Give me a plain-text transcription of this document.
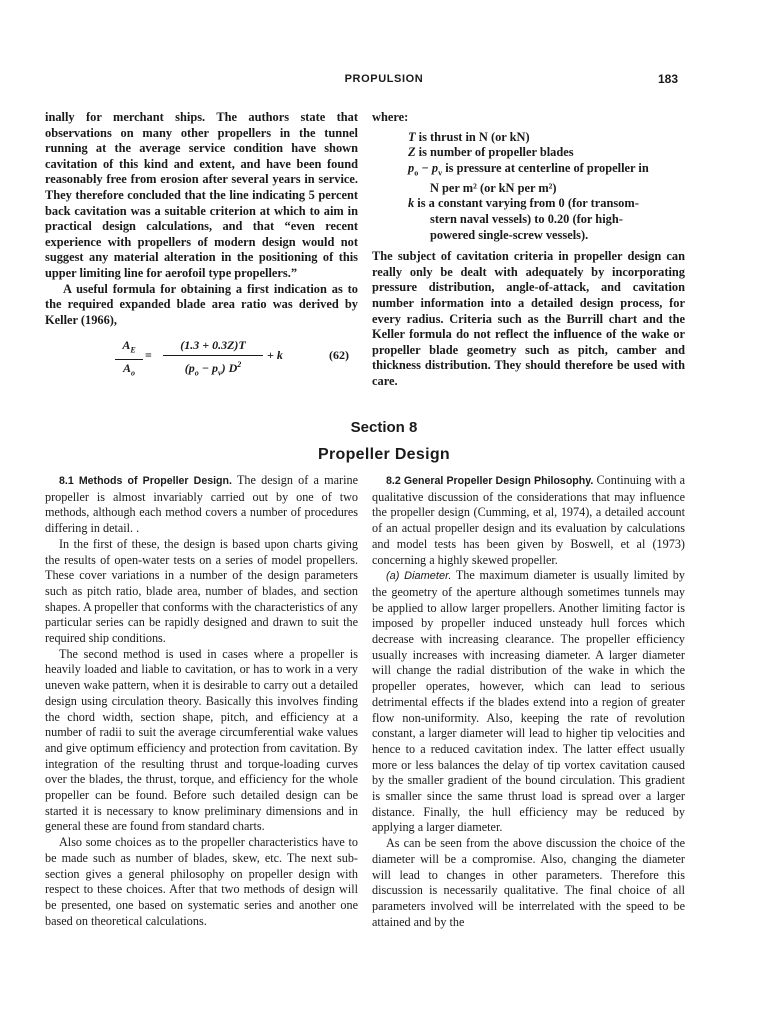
PROPULSION	183

inally for merchant ships. The authors state that observations on many other propellers in the tunnel running at the average service condition have shown cavitation of this kind and extent, and have been found reasonably free from erosion after several years in service. They therefore concluded that the line indicating 5 percent back cavitation was a suitable criterion at which to aim in practical design calculations, and that “even recent experience with propellers of modern design would not suggest any material alteration in the positioning of this upper limiting line for aerofoil type propellers.”

A useful formula for obtaining a first indication as to the required expanded blade area ratio was derived by Keller (1966),

$A_E$
$A_o$
=
(1.3 + 0.3Z)T
$(p_o - p_v)$ $D^2$
+ k	(62)

where:

T is thrust in N (or kN)
Z is number of propeller blades
$p_o - p_v$ is pressure at centerline of propeller in
N per m² (or kN per m²)
k is a constant varying from 0 (for transom-
stern naval vessels) to 0.20 (for high-
powered single-screw vessels).

The subject of cavitation criteria in propeller design can really only be dealt with adequately by incorporating pressure distribution, angle-of-attack, and cavitation number information into a detailed design process, for every radius. Criteria such as the Burrill chart and the Keller formula do not reflect the influence of the wake or propeller blade geometry such as pitch, camber and thickness distribution. They should therefore be used with care.

Section 8
Propeller Design

8.1 Methods of Propeller Design. The design of a marine propeller is almost invariably carried out by one of two methods, although each method covers a number of procedures differing in detail. .

In the first of these, the design is based upon charts giving the results of open-water tests on a series of model propellers. These cover variations in a number of the design parameters such as pitch ratio, blade area, number of blades, and section shapes. A propeller that conforms with the characteristics of any particular series can be rapidly designed and drawn to suit the required ship conditions.

The second method is used in cases where a propeller is heavily loaded and liable to cavitation, or has to work in a very uneven wake pattern, when it is desirable to carry out a detailed design using circulation theory. Basically this involves finding the chord width, section shape, pitch, and efficiency at a number of radii to suit the average circumferential wake values and give optimum efficiency and protection from cavitation. By integration of the resulting thrust and torque-loading curves over the blades, the thrust, torque, and efficiency for the whole propeller can be found. Before such detailed design can be started it is necessary to know preliminary dimensions and in general these are found from standard charts.

Also some choices as to the propeller characteristics have to be made such as number of blades, skew, etc. The next sub-section gives a general philosophy on propeller design with respect to these choices. After that two methods of design will be presented, one based on systematic series and another one based on theoretical calculations.

8.2 General Propeller Design Philosophy. Continuing with a qualitative discussion of the considerations that may influence the propeller design (Cumming, et al, 1974), a detailed account of an actual propeller design and its evaluation by calculations and model tests has been given by Boswell, et al (1973) concerning a highly skewed propeller.

(a) Diameter. The maximum diameter is usually limited by the geometry of the aperture although sometimes tunnels may be applied to allow larger propellers. Another limiting factor is imposed by propeller induced unsteady hull forces which decrease with increasing clearance. The propeller efficiency usually increases with increasing diameter. A larger diameter will change the radial distribution of the wake in which the propeller operates, however, which can lead to serious detrimental effects if the blades extend into a region of greater flow non-uniformity. Also, keeping the rate of revolution constant, a larger diameter will lead to higher tip velocities and hence to a reduced cavitation index. The latter effect usually more or less balances the delay of tip vortex cavitation caused by the smaller gradient of the bound circulation. This gradient is smaller since the same thrust load is spread over a larger distance. Finally, the hull efficiency may be reduced by applying a larger diameter.

As can be seen from the above discussion the choice of the diameter will be a compromise. Also, changing the diameter will lead to changes in other parameters. Therefore this discussion is necessarily qualitative. The final choice of all parameters involved will be interrelated with the speed to be attained and by the
